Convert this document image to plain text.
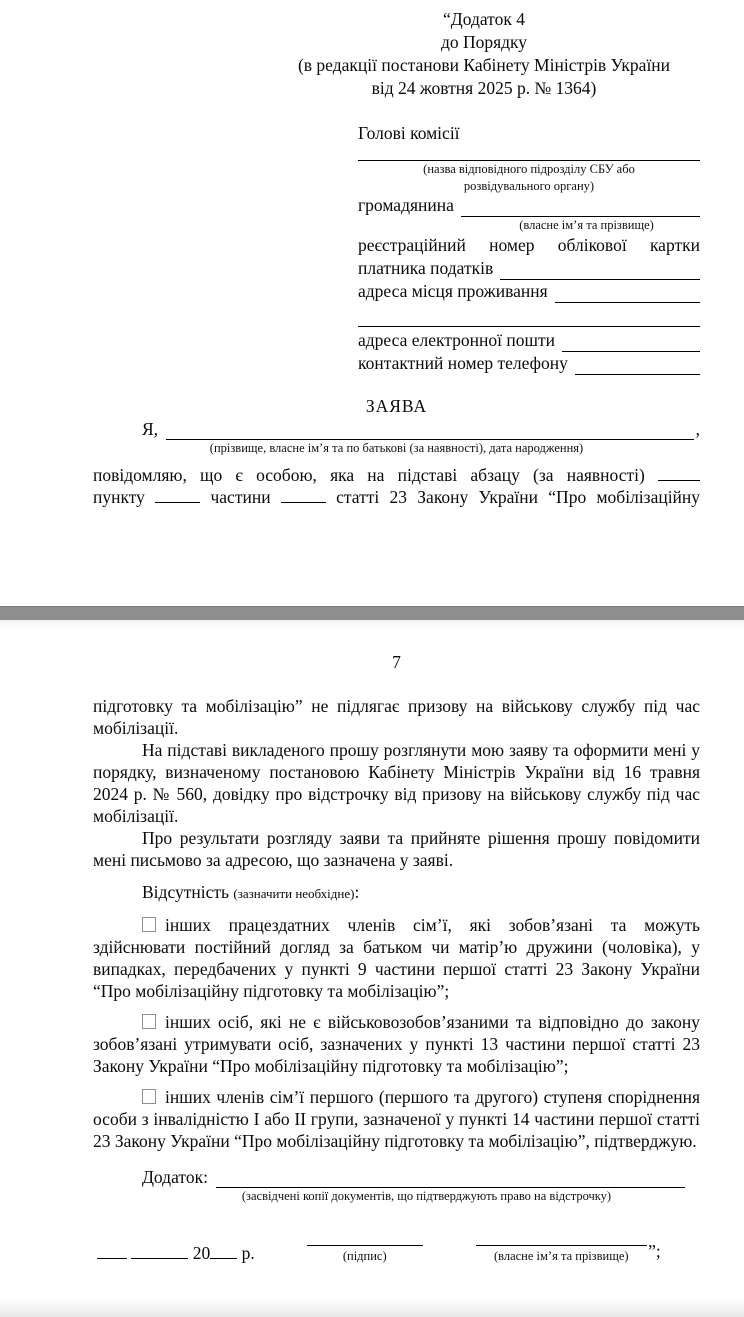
“Додаток 4
до Порядку
(в редакції постанови Кабінету Міністрів України
від 24 жовтня 2025 р. № 1364)
Голові комісії
(назва відповідного підрозділу СБУ або
розвідувального органу)
громадянина
(власне ім’я та прізвище)
реєстраційний номер облікової картки
платника податків
адреса місця проживання
адреса електронної пошти
контактний номер телефону
ЗАЯВА
Я,	,
(прізвище, власне ім’я та по батькові (за наявності), дата народження)
повідомляю, що є особою, яка на підставі абзацу (за наявності)
пункту	частини	статті 23 Закону України “Про мобілізаційну
7

підготовку та мобілізацію” не підлягає призову на військову службу під час мобілізації.

На підставі викладеного прошу розглянути мою заяву та оформити мені у порядку, визначеному постановою Кабінету Міністрів України від 16 травня 2024 р. № 560, довідку про відстрочку від призову на військову службу під час мобілізації.

Про результати розгляду заяви та прийняте рішення прошу повідомити мені письмово за адресою, що зазначена у заяві.

Відсутність (зазначити необхідне):

інших працездатних членів сім’ї, які зобов’язані та можуть здійснювати постійний догляд за батьком чи матір’ю дружини (чоловіка), у випадках, передбачених у пункті 9 частини першої статті 23 Закону України “Про мобілізаційну підготовку та мобілізацію”;

інших осіб, які не є військовозобов’язаними та відповідно до закону зобов’язані утримувати осіб, зазначених у пункті 13 частини першої статті 23 Закону України “Про мобілізаційну підготовку та мобілізацію”;

інших членів сім’ї першого (першого та другого) ступеня споріднення особи з інвалідністю I або II групи, зазначеної у пункті 14 частини першої статті 23 Закону України “Про мобілізаційну підготовку та мобілізацію”, підтверджую.

Додаток:
(засвідчені копії документів, що підтверджують право на відстрочку)
20 р.	(підпис)	(власне ім’я та прізвище)	”;
